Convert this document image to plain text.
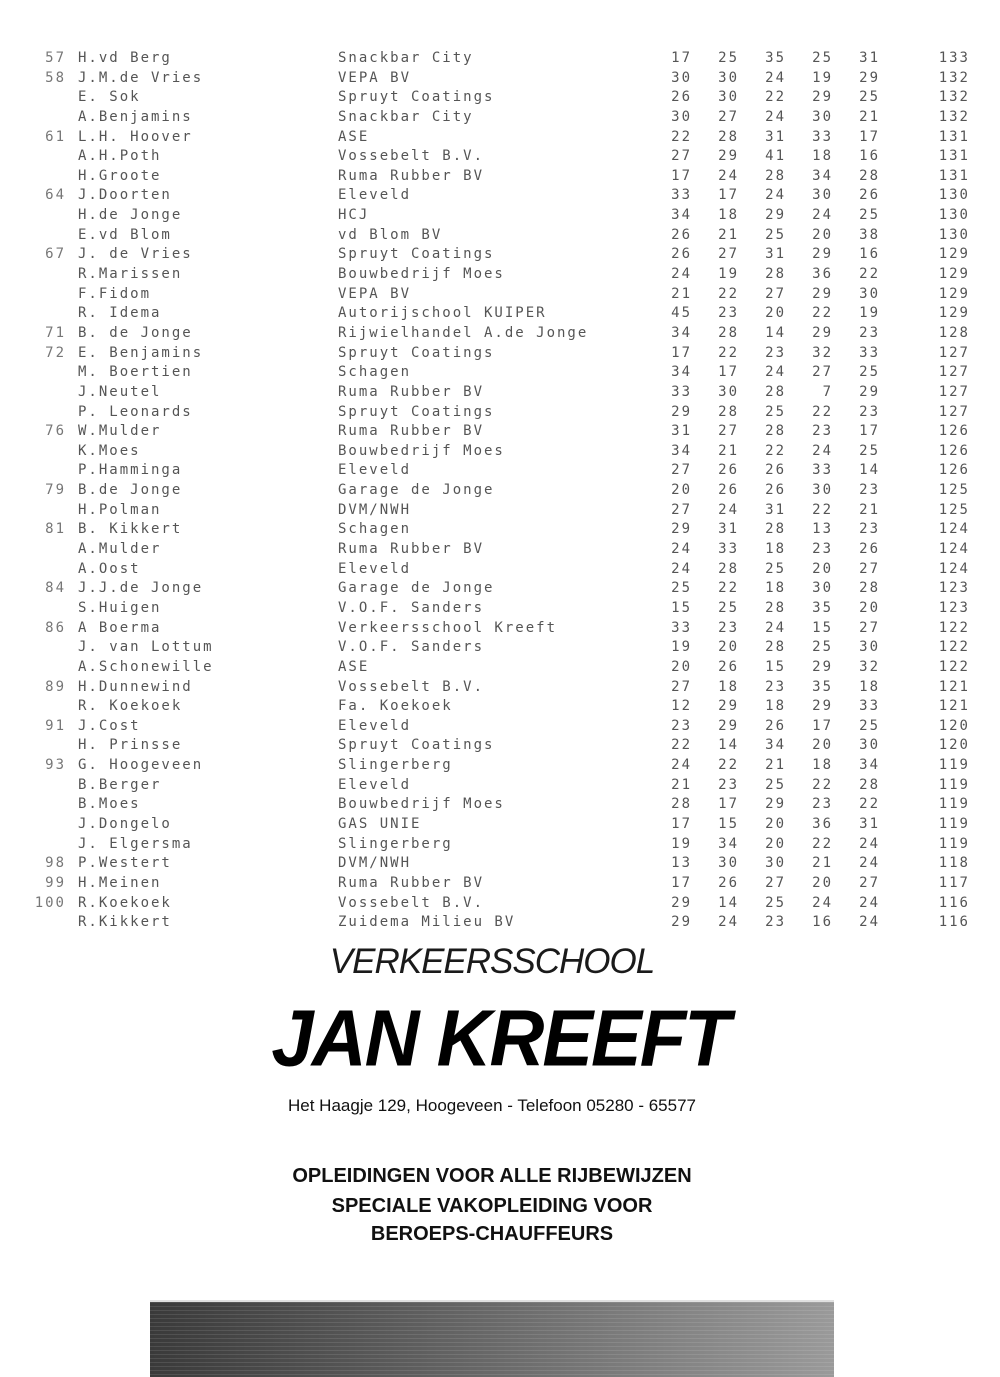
57 H.vd Berg	Snackbar City	17	25	35	25	31	133
58 J.M.de Vries	VEPA BV	30	30	24	19	29	132
E. Sok	Spruyt Coatings	26	30	22	29	25	132
A.Benjamins	Snackbar City	30	27	24	30	21	132
61 L.H. Hoover	ASE	22	28	31	33	17	131
A.H.Poth	Vossebelt B.V.	27	29	41	18	16	131
H.Groote	Ruma Rubber BV	17	24	28	34	28	131
64 J.Doorten	Eleveld	33	17	24	30	26	130
H.de Jonge	HCJ	34	18	29	24	25	130
E.vd Blom	vd Blom BV	26	21	25	20	38	130
67 J. de Vries	Spruyt Coatings	26	27	31	29	16	129
R.Marissen	Bouwbedrijf Moes	24	19	28	36	22	129
F.Fidom	VEPA BV	21	22	27	29	30	129
R. Idema	Autorijschool KUIPER	45	23	20	22	19	129
71 B. de Jonge	Rijwielhandel A.de Jonge	34	28	14	29	23	128
72 E. Benjamins	Spruyt Coatings	17	22	23	32	33	127
M. Boertien	Schagen	34	17	24	27	25	127
J.Neutel	Ruma Rubber BV	33	30	28	7	29	127
P. Leonards	Spruyt Coatings	29	28	25	22	23	127
76 W.Mulder	Ruma Rubber BV	31	27	28	23	17	126
K.Moes	Bouwbedrijf Moes	34	21	22	24	25	126
P.Hamminga	Eleveld	27	26	26	33	14	126
79 B.de Jonge	Garage de Jonge	20	26	26	30	23	125
H.Polman	DVM/NWH	27	24	31	22	21	125
81 B. Kikkert	Schagen	29	31	28	13	23	124
A.Mulder	Ruma Rubber BV	24	33	18	23	26	124
A.Oost	Eleveld	24	28	25	20	27	124
84 J.J.de Jonge	Garage de Jonge	25	22	18	30	28	123
S.Huigen	V.O.F. Sanders	15	25	28	35	20	123
86 A Boerma	Verkeersschool Kreeft	33	23	24	15	27	122
J. van Lottum	V.O.F. Sanders	19	20	28	25	30	122
A.Schonewille	ASE	20	26	15	29	32	122
89 H.Dunnewind	Vossebelt B.V.	27	18	23	35	18	121
R. Koekoek	Fa. Koekoek	12	29	18	29	33	121
91 J.Cost	Eleveld	23	29	26	17	25	120
H. Prinsse	Spruyt Coatings	22	14	34	20	30	120
93 G. Hoogeveen	Slingerberg	24	22	21	18	34	119
B.Berger	Eleveld	21	23	25	22	28	119
B.Moes	Bouwbedrijf Moes	28	17	29	23	22	119
J.Dongelo	GAS UNIE	17	15	20	36	31	119
J. Elgersma	Slingerberg	19	34	20	22	24	119
98 P.Westert	DVM/NWH	13	30	30	21	24	118
99 H.Meinen	Ruma Rubber BV	17	26	27	20	27	117
100 R.Koekoek	Vossebelt B.V.	29	14	25	24	24	116
R.Kikkert	Zuidema Milieu BV	29	24	23	16	24	116
VERKEERSSCHOOL
JAN KREEFT
Het Haagje 129, Hoogeveen - Telefoon 05280 - 65577
OPLEIDINGEN VOOR ALLE RIJBEWIJZEN
SPECIALE VAKOPLEIDING VOOR
BEROEPS-CHAUFFEURS
